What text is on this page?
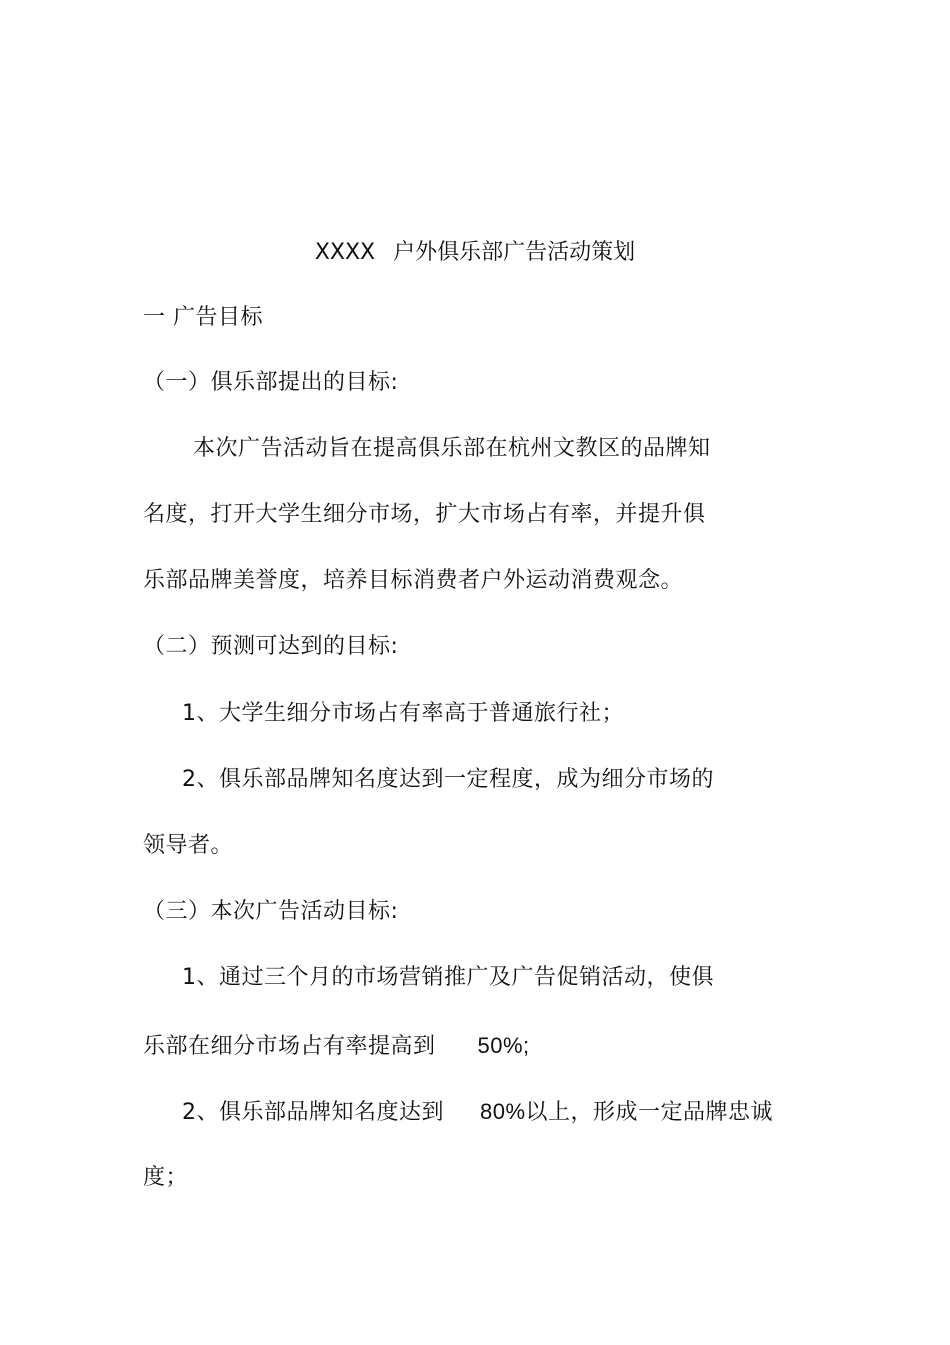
XXXX 户外俱乐部广告活动策划
一 广告目标
（一）俱乐部提出的目标:
本次广告活动旨在提高俱乐部在杭州文教区的品牌知
名度，打开大学生细分市场，扩大市场占有率，并提升俱
乐部品牌美誉度，培养目标消费者户外运动消费观念。
（二）预测可达到的目标:
1、大学生细分市场占有率高于普通旅行社；
2、俱乐部品牌知名度达到一定程度，成为细分市场的
领导者。
（三）本次广告活动目标:
1、通过三个月的市场营销推广及广告促销活动，使俱
乐部在细分市场占有率提高到 50%;
2、俱乐部品牌知名度达到 80%以上，形成一定品牌忠诚
度；
